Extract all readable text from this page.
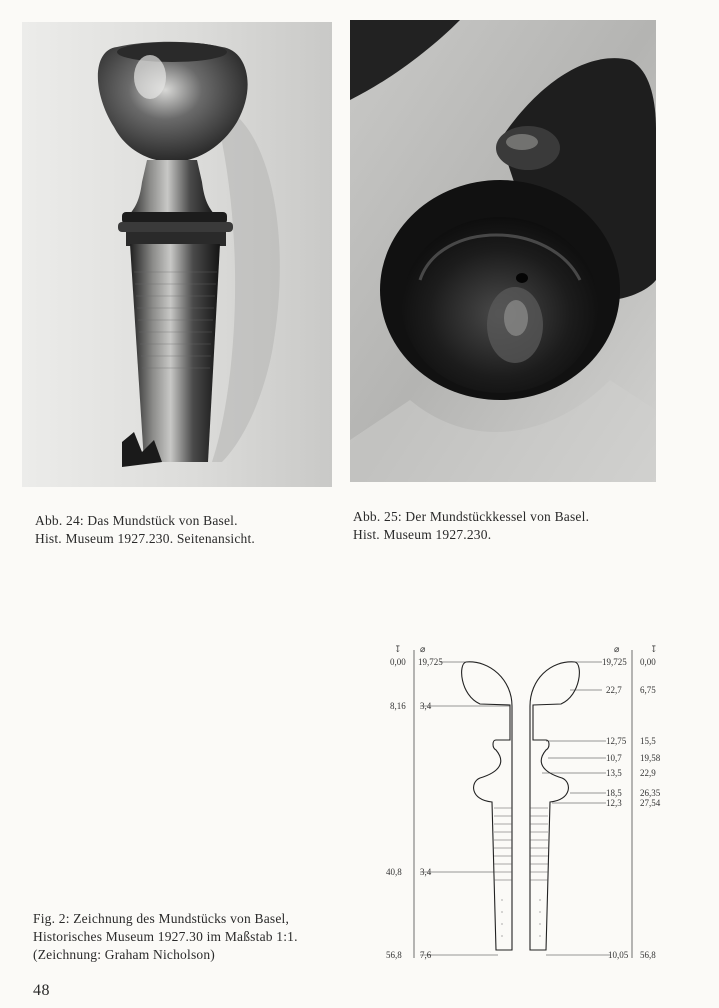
Abb. 24: Das Mundstück von Basel.
Hist. Museum 1927.230. Seitenansicht.
Abb. 25: Der Mundstückkessel von Basel.
Hist. Museum 1927.230.
↧ ⌀
0,00 19,725
8,16 3,4
40,8 3,4
56,8 7,6
⌀	↧
19,725 0,00
22,7 6,75
12,75 15,5
10,7 19,58
13,5 22,9
18,5 26,35
12,3 27,54
10,05 56,8
Fig. 2: Zeichnung des Mundstücks von Basel,
Historisches Museum 1927.30 im Maßstab 1:1.
(Zeichnung: Graham Nicholson)
48
